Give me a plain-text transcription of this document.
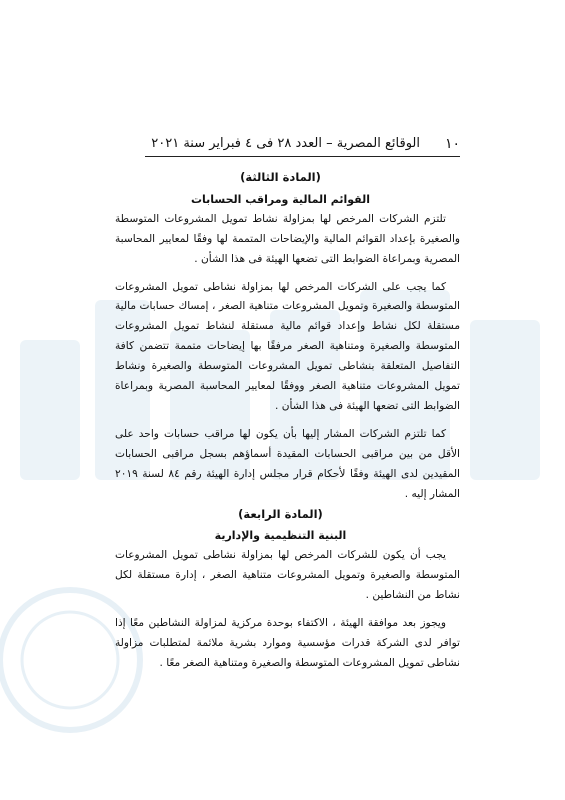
١٠
الوقائع المصرية – العدد ٢٨ فى ٤ فبراير سنة ٢٠٢١

(المادة الثالثة)

القوائم المالية ومراقب الحسابات

تلتزم الشركات المرخص لها بمزاولة نشاط تمويل المشروعات المتوسطة والصغيرة بإعداد القوائم المالية والإيضاحات المتممة لها وفقًا لمعايير المحاسبة المصرية وبمراعاة الضوابط التى تضعها الهيئة فى هذا الشأن .

كما يجب على الشركات المرخص لها بمزاولة نشاطى تمويل المشروعات المتوسطة والصغيرة وتمويل المشروعات متناهية الصغر ، إمساك حسابات مالية مستقلة لكل نشاط وإعداد قوائم مالية مستقلة لنشاط تمويل المشروعات المتوسطة والصغيرة ومتناهية الصغر مرفقًا بها إيضاحات متممة تتضمن كافة التفاصيل المتعلقة بنشاطى تمويل المشروعات المتوسطة والصغيرة ونشاط تمويل المشروعات متناهية الصغر ووفقًا لمعايير المحاسبة المصرية وبمراعاة الضوابط التى تضعها الهيئة فى هذا الشأن .

كما تلتزم الشركات المشار إليها بأن يكون لها مراقب حسابات واحد على الأقل من بين مراقبى الحسابات المقيدة أسماؤهم بسجل مراقبى الحسابات المقيدين لدى الهيئة وفقًا لأحكام قرار مجلس إدارة الهيئة رقم ٨٤ لسنة ٢٠١٩ المشار إليه .

(المادة الرابعة)

البنية التنظيمية والإدارية

يجب أن يكون للشركات المرخص لها بمزاولة نشاطى تمويل المشروعات المتوسطة والصغيرة وتمويل المشروعات متناهية الصغر ، إدارة مستقلة لكل نشاط من النشاطين .

ويجوز بعد موافقة الهيئة ، الاكتفاء بوحدة مركزية لمزاولة النشاطين معًا إذا توافر لدى الشركة قدرات مؤسسية وموارد بشرية ملائمة لمتطلبات مزاولة نشاطى تمويل المشروعات المتوسطة والصغيرة ومتناهية الصغر معًا .
